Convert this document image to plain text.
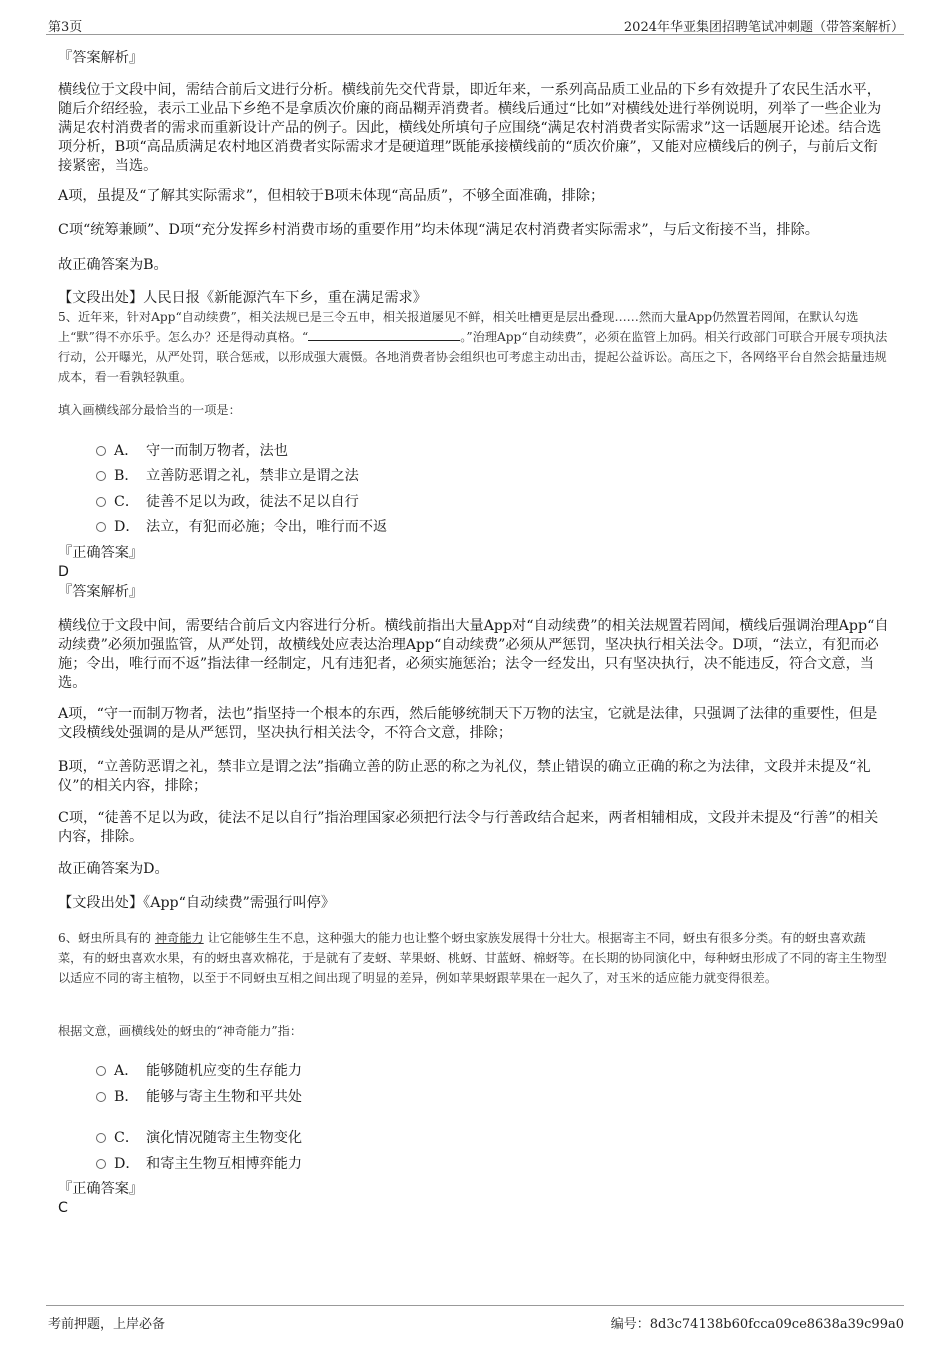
第3页	2024年华亚集团招聘笔试冲刺题（带答案解析）
『答案解析』
横线位于文段中间，需结合前后文进行分析。横线前先交代背景，即近年来，一系列高品质工业品的下乡有效提升了农民生活水平，随后介绍经验，表示工业品下乡绝不是拿质次价廉的商品糊弄消费者。横线后通过“比如”对横线处进行举例说明，列举了一些企业为满足农村消费者的需求而重新设计产品的例子。因此，横线处所填句子应围绕“满足农村消费者实际需求”这一话题展开论述。结合选项分析，B项“高品质满足农村地区消费者实际需求才是硬道理”既能承接横线前的“质次价廉”，又能对应横线后的例子，与前后文衔接紧密，当选。
A项，虽提及“了解其实际需求”，但相较于B项未体现“高品质”，不够全面准确，排除；
C项“统筹兼顾”、D项“充分发挥乡村消费市场的重要作用”均未体现“满足农村消费者实际需求”，与后文衔接不当，排除。
故正确答案为B。
【文段出处】人民日报《新能源汽车下乡，重在满足需求》
5、近年来，针对App“自动续费”，相关法规已是三令五申，相关报道屡见不鲜，相关吐槽更是层出叠现……然而大量App仍然置若罔闻，在默认勾选上“默”得不亦乐乎。怎么办？还是得动真格。“	。”治理App“自动续费”，必须在监管上加码。相关行政部门可联合开展专项执法行动，公开曝光，从严处罚，联合惩戒，以形成强大震慑。各地消费者协会组织也可考虑主动出击，提起公益诉讼。高压之下，各网络平台自然会掂量违规成本，看一看孰轻孰重。
填入画横线部分最恰当的一项是：
A． 守一而制万物者，法也
B． 立善防恶谓之礼，禁非立是谓之法
C． 徒善不足以为政，徒法不足以自行
D． 法立，有犯而必施；令出，唯行而不返
『正确答案』
D
『答案解析』
横线位于文段中间，需要结合前后文内容进行分析。横线前指出大量App对“自动续费”的相关法规置若罔闻，横线后强调治理App“自动续费”必须加强监管，从严处罚，故横线处应表达治理App“自动续费”必须从严惩罚，坚决执行相关法令。D项，“法立，有犯而必施；令出，唯行而不返”指法律一经制定，凡有违犯者，必须实施惩治；法令一经发出，只有坚决执行，决不能违反，符合文意，当选。
A项，“守一而制万物者，法也”指坚持一个根本的东西，然后能够统制天下万物的法宝，它就是法律，只强调了法律的重要性，但是文段横线处强调的是从严惩罚，坚决执行相关法令，不符合文意，排除；
B项，“立善防恶谓之礼，禁非立是谓之法”指确立善的防止恶的称之为礼仪，禁止错误的确立正确的称之为法律，文段并未提及“礼仪”的相关内容，排除；
C项，“徒善不足以为政，徒法不足以自行”指治理国家必须把行法令与行善政结合起来，两者相辅相成，文段并未提及“行善”的相关内容，排除。
故正确答案为D。
【文段出处】《App“自动续费”需强行叫停》
6、蚜虫所具有的 神奇能力 让它能够生生不息，这种强大的能力也让整个蚜虫家族发展得十分壮大。根据寄主不同，蚜虫有很多分类。有的蚜虫喜欢蔬菜，有的蚜虫喜欢水果，有的蚜虫喜欢棉花，于是就有了麦蚜、苹果蚜、桃蚜、甘蓝蚜、棉蚜等。在长期的协同演化中，每种蚜虫形成了不同的寄主生物型以适应不同的寄主植物，以至于不同蚜虫互相之间出现了明显的差异，例如苹果蚜跟苹果在一起久了，对玉米的适应能力就变得很差。
根据文意，画横线处的蚜虫的“神奇能力”指：
A． 能够随机应变的生存能力
B． 能够与寄主生物和平共处
C． 演化情况随寄主生物变化
D． 和寄主生物互相博弈能力
『正确答案』
C
考前押题，上岸必备	编号：8d3c74138b60fcca09ce8638a39c99a0
